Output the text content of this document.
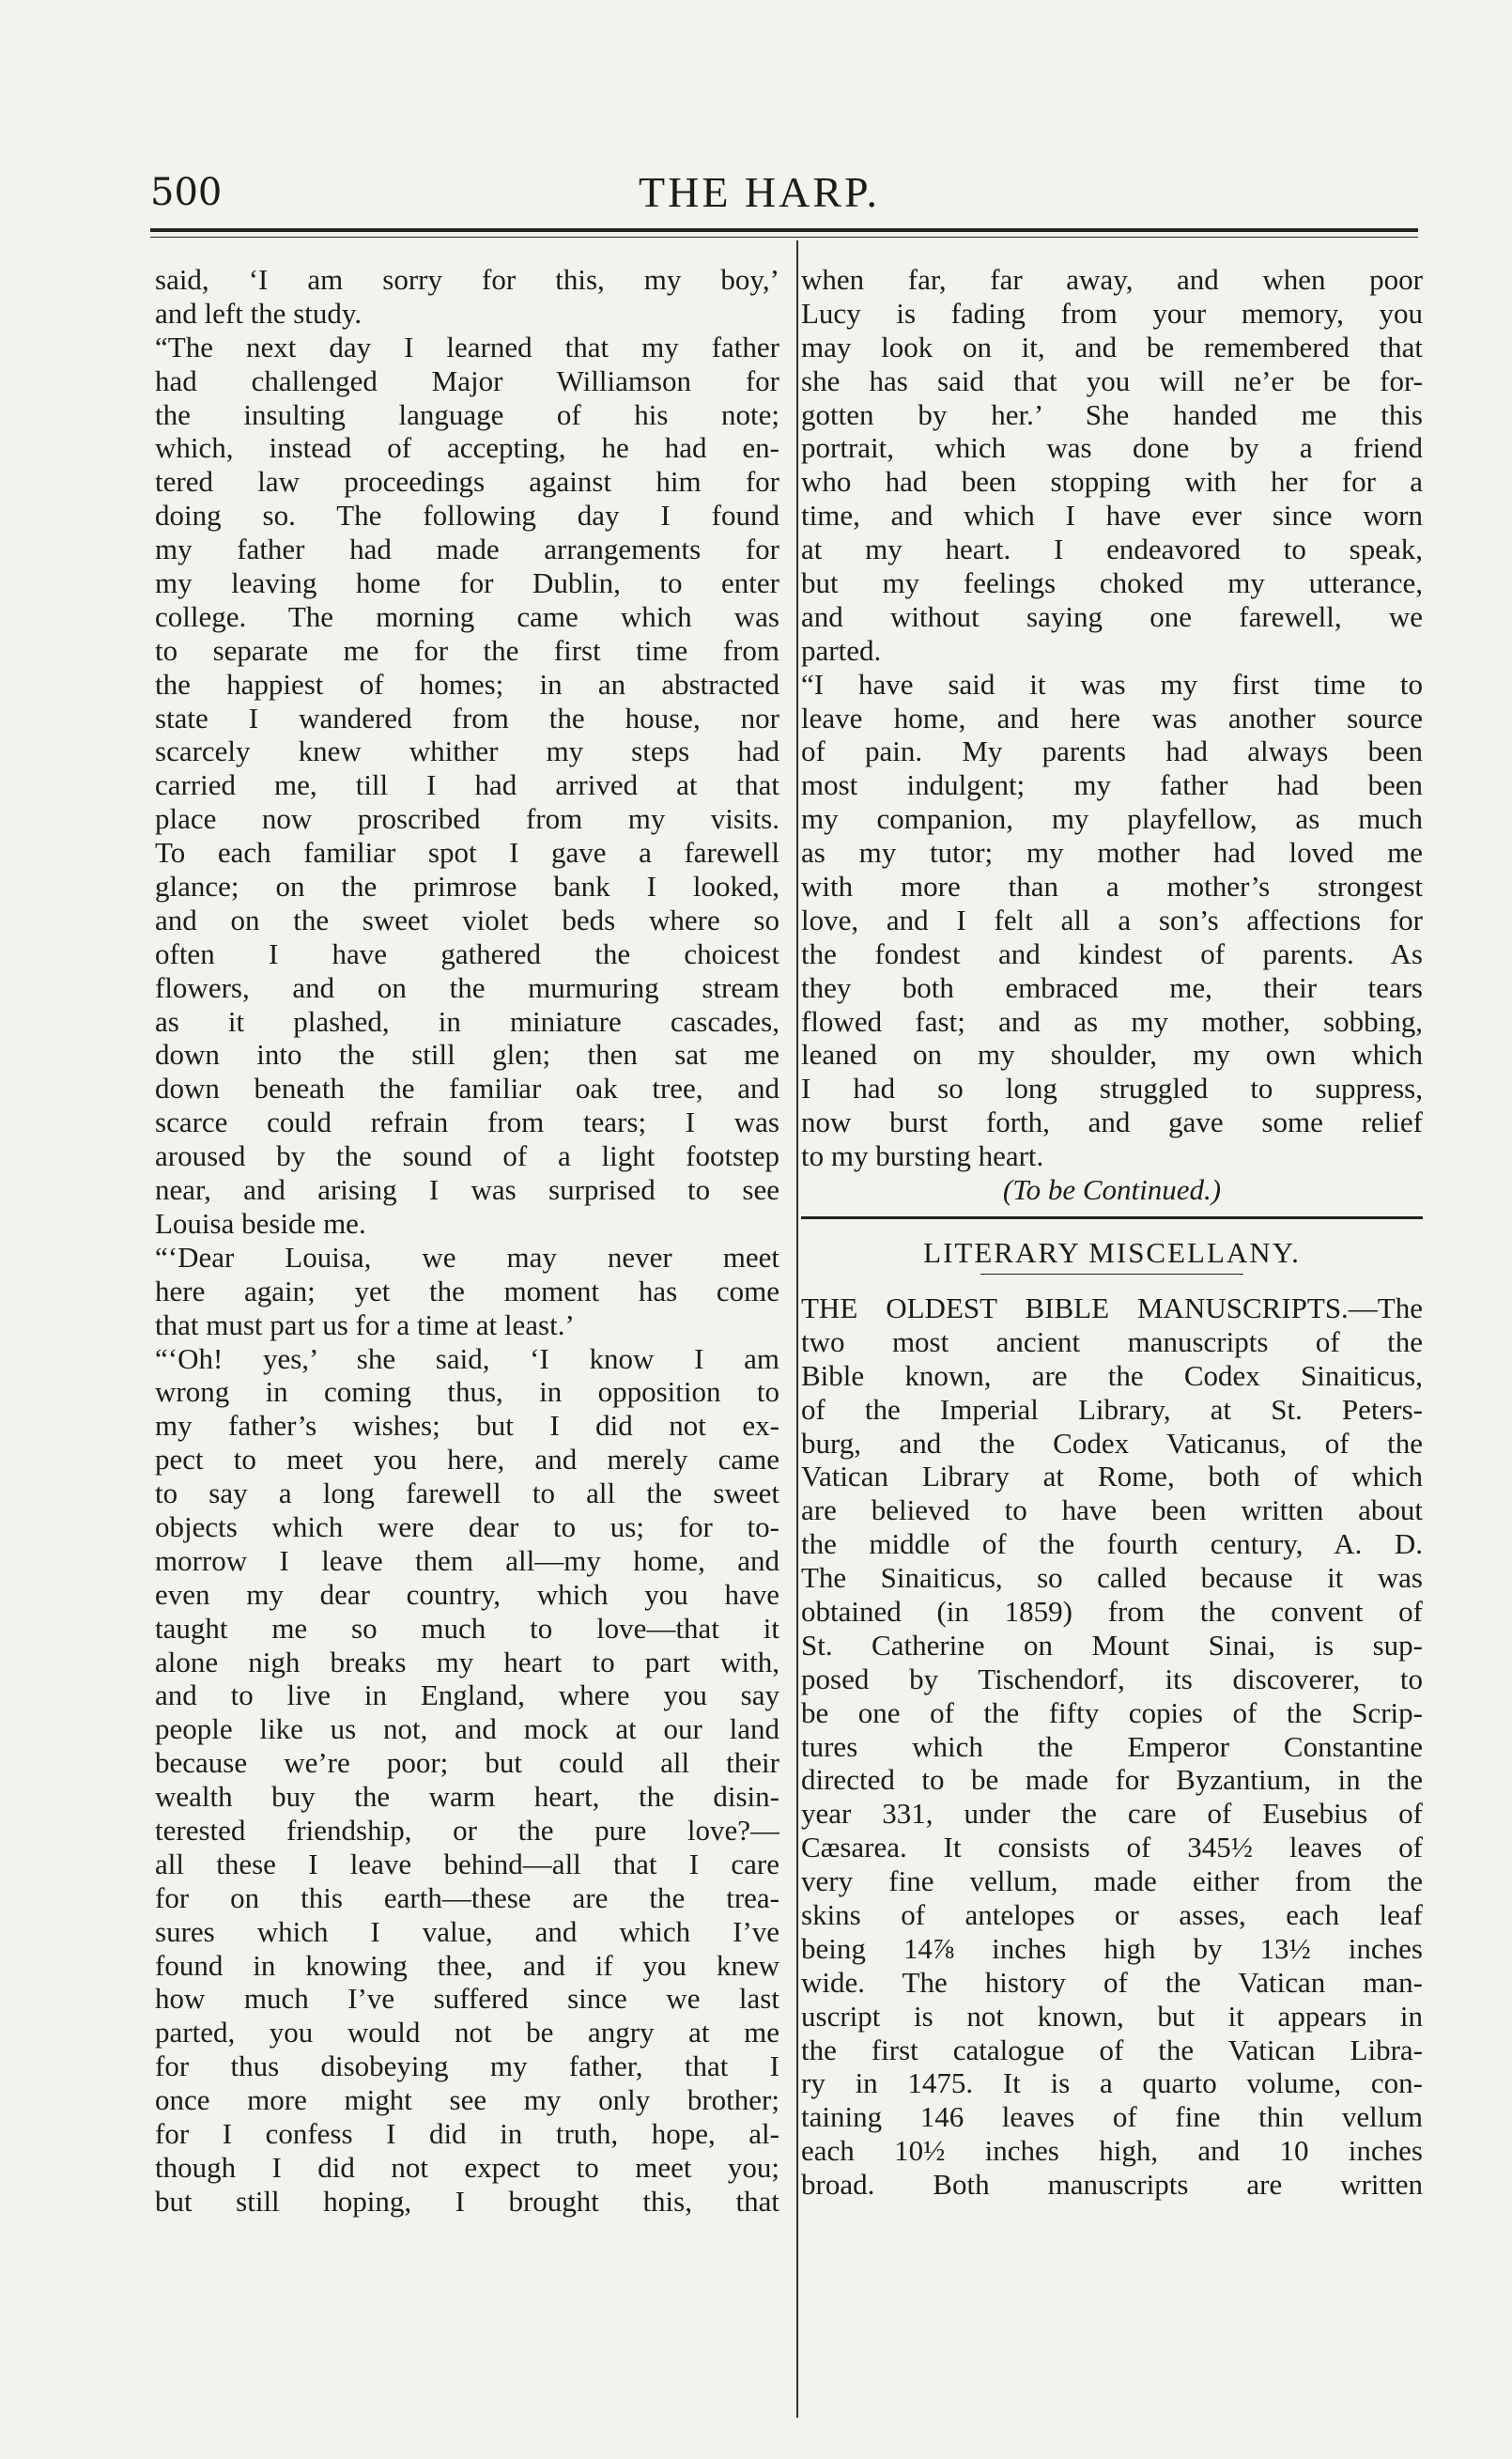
500	THE HARP.
said, ‘I am sorry for this, my boy,’
and left the study.
“The next day I learned that my father
had challenged Major Williamson for
the insulting language of his note;
which, instead of accepting, he had en-
tered law proceedings against him for
doing so. The following day I found
my father had made arrangements for
my leaving home for Dublin, to enter
college. The morning came which was
to separate me for the first time from
the happiest of homes; in an abstracted
state I wandered from the house, nor
scarcely knew whither my steps had
carried me, till I had arrived at that
place now proscribed from my visits.
To each familiar spot I gave a farewell
glance; on the primrose bank I looked,
and on the sweet violet beds where so
often I have gathered the choicest
flowers, and on the murmuring stream
as it plashed, in miniature cascades,
down into the still glen; then sat me
down beneath the familiar oak tree, and
scarce could refrain from tears; I was
aroused by the sound of a light footstep
near, and arising I was surprised to see
Louisa beside me.
“‘Dear Louisa, we may never meet
here again; yet the moment has come
that must part us for a time at least.’
“‘Oh! yes,’ she said, ‘I know I am
wrong in coming thus, in opposition to
my father’s wishes; but I did not ex-
pect to meet you here, and merely came
to say a long farewell to all the sweet
objects which were dear to us; for to-
morrow I leave them all—my home, and
even my dear country, which you have
taught me so much to love—that it
alone nigh breaks my heart to part with,
and to live in England, where you say
people like us not, and mock at our land
because we’re poor; but could all their
wealth buy the warm heart, the disin-
terested friendship, or the pure love?—
all these I leave behind—all that I care
for on this earth—these are the trea-
sures which I value, and which I’ve
found in knowing thee, and if you knew
how much I’ve suffered since we last
parted, you would not be angry at me
for thus disobeying my father, that I
once more might see my only brother;
for I confess I did in truth, hope, al-
though I did not expect to meet you;
but still hoping, I brought this, that
when far, far away, and when poor
Lucy is fading from your memory, you
may look on it, and be remembered that
she has said that you will ne’er be for-
gotten by her.’ She handed me this
portrait, which was done by a friend
who had been stopping with her for a
time, and which I have ever since worn
at my heart. I endeavored to speak,
but my feelings choked my utterance,
and without saying one farewell, we
parted.
“I have said it was my first time to
leave home, and here was another source
of pain. My parents had always been
most indulgent; my father had been
my companion, my playfellow, as much
as my tutor; my mother had loved me
with more than a mother’s strongest
love, and I felt all a son’s affections for
the fondest and kindest of parents. As
they both embraced me, their tears
flowed fast; and as my mother, sobbing,
leaned on my shoulder, my own which
I had so long struggled to suppress,
now burst forth, and gave some relief
to my bursting heart.
(To be Continued.)
LITERARY MISCELLANY.
THE OLDEST BIBLE MANUSCRIPTS.—The
two most ancient manuscripts of the
Bible known, are the Codex Sinaiticus,
of the Imperial Library, at St. Peters-
burg, and the Codex Vaticanus, of the
Vatican Library at Rome, both of which
are believed to have been written about
the middle of the fourth century, A. D.
The Sinaiticus, so called because it was
obtained (in 1859) from the convent of
St. Catherine on Mount Sinai, is sup-
posed by Tischendorf, its discoverer, to
be one of the fifty copies of the Scrip-
tures which the Emperor Constantine
directed to be made for Byzantium, in the
year 331, under the care of Eusebius of
Cæsarea. It consists of 345½ leaves of
very fine vellum, made either from the
skins of antelopes or asses, each leaf
being 14⅞ inches high by 13½ inches
wide. The history of the Vatican man-
uscript is not known, but it appears in
the first catalogue of the Vatican Libra-
ry in 1475. It is a quarto volume, con-
taining 146 leaves of fine thin vellum
each 10½ inches high, and 10 inches
broad. Both manuscripts are written
